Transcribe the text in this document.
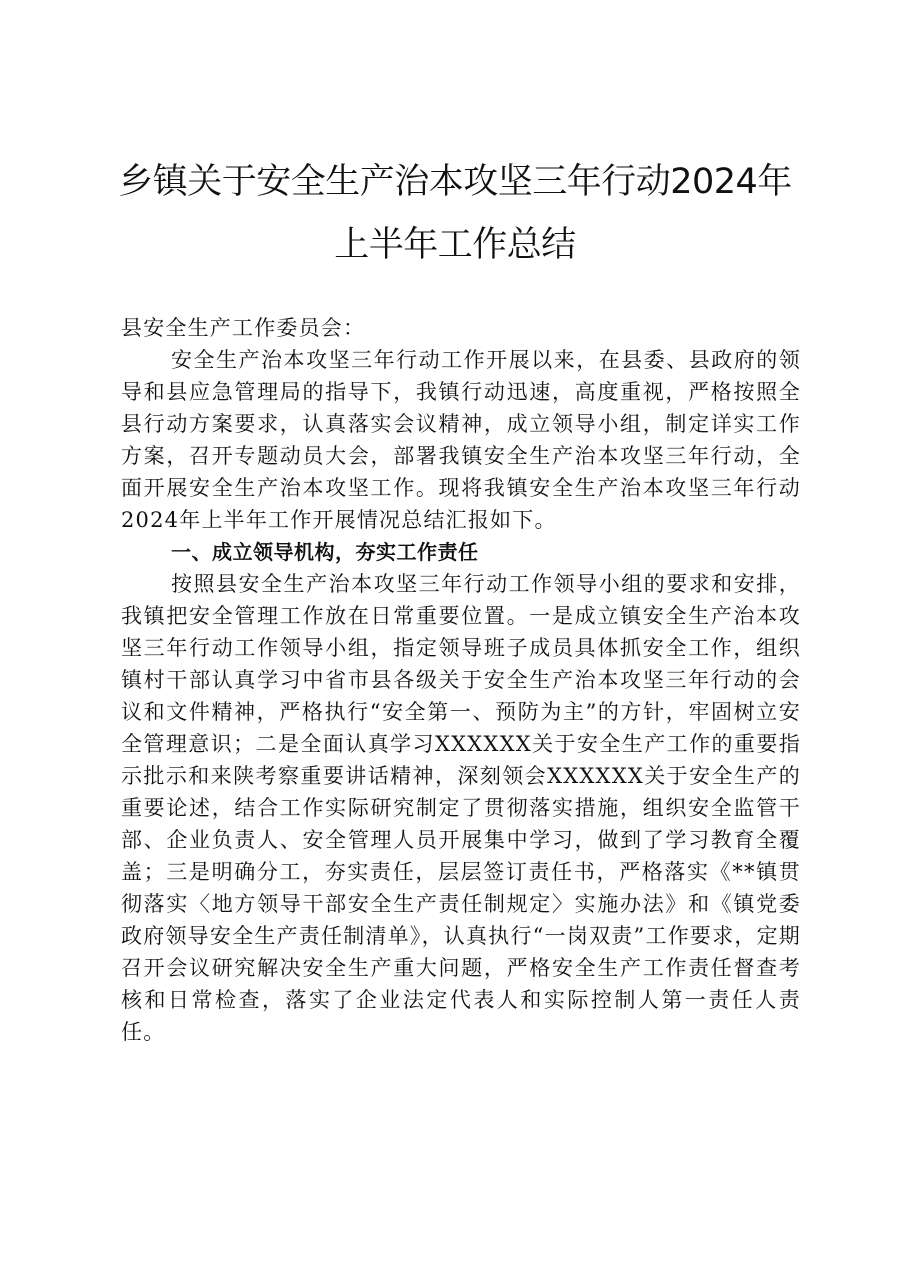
乡镇关于安全生产治本攻坚三年行动2024年
上半年工作总结

县安全生产工作委员会：

安全生产治本攻坚三年行动工作开展以来，在县委、县政府的领导和县应急管理局的指导下，我镇行动迅速，高度重视，严格按照全县行动方案要求，认真落实会议精神，成立领导小组，制定详实工作方案，召开专题动员大会，部署我镇安全生产治本攻坚三年行动，全面开展安全生产治本攻坚工作。现将我镇安全生产治本攻坚三年行动2024年上半年工作开展情况总结汇报如下。

一、成立领导机构，夯实工作责任

按照县安全生产治本攻坚三年行动工作领导小组的要求和安排，我镇把安全管理工作放在日常重要位置。一是成立镇安全生产治本攻坚三年行动工作领导小组，指定领导班子成员具体抓安全工作，组织镇村干部认真学习中省市县各级关于安全生产治本攻坚三年行动的会议和文件精神，严格执行“安全第一、预防为主”的方针，牢固树立安全管理意识；二是全面认真学习XXXXXX关于安全生产工作的重要指示批示和来陕考察重要讲话精神，深刻领会XXXXXX关于安全生产的重要论述，结合工作实际研究制定了贯彻落实措施，组织安全监管干部、企业负责人、安全管理人员开展集中学习，做到了学习教育全覆盖；三是明确分工，夯实责任，层层签订责任书，严格落实《**镇贯彻落实〈地方领导干部安全生产责任制规定〉实施办法》和《镇党委政府领导安全生产责任制清单》，认真执行“一岗双责”工作要求，定期召开会议研究解决安全生产重大问题，严格安全生产工作责任督查考核和日常检查，落实了企业法定代表人和实际控制人第一责任人责任。
